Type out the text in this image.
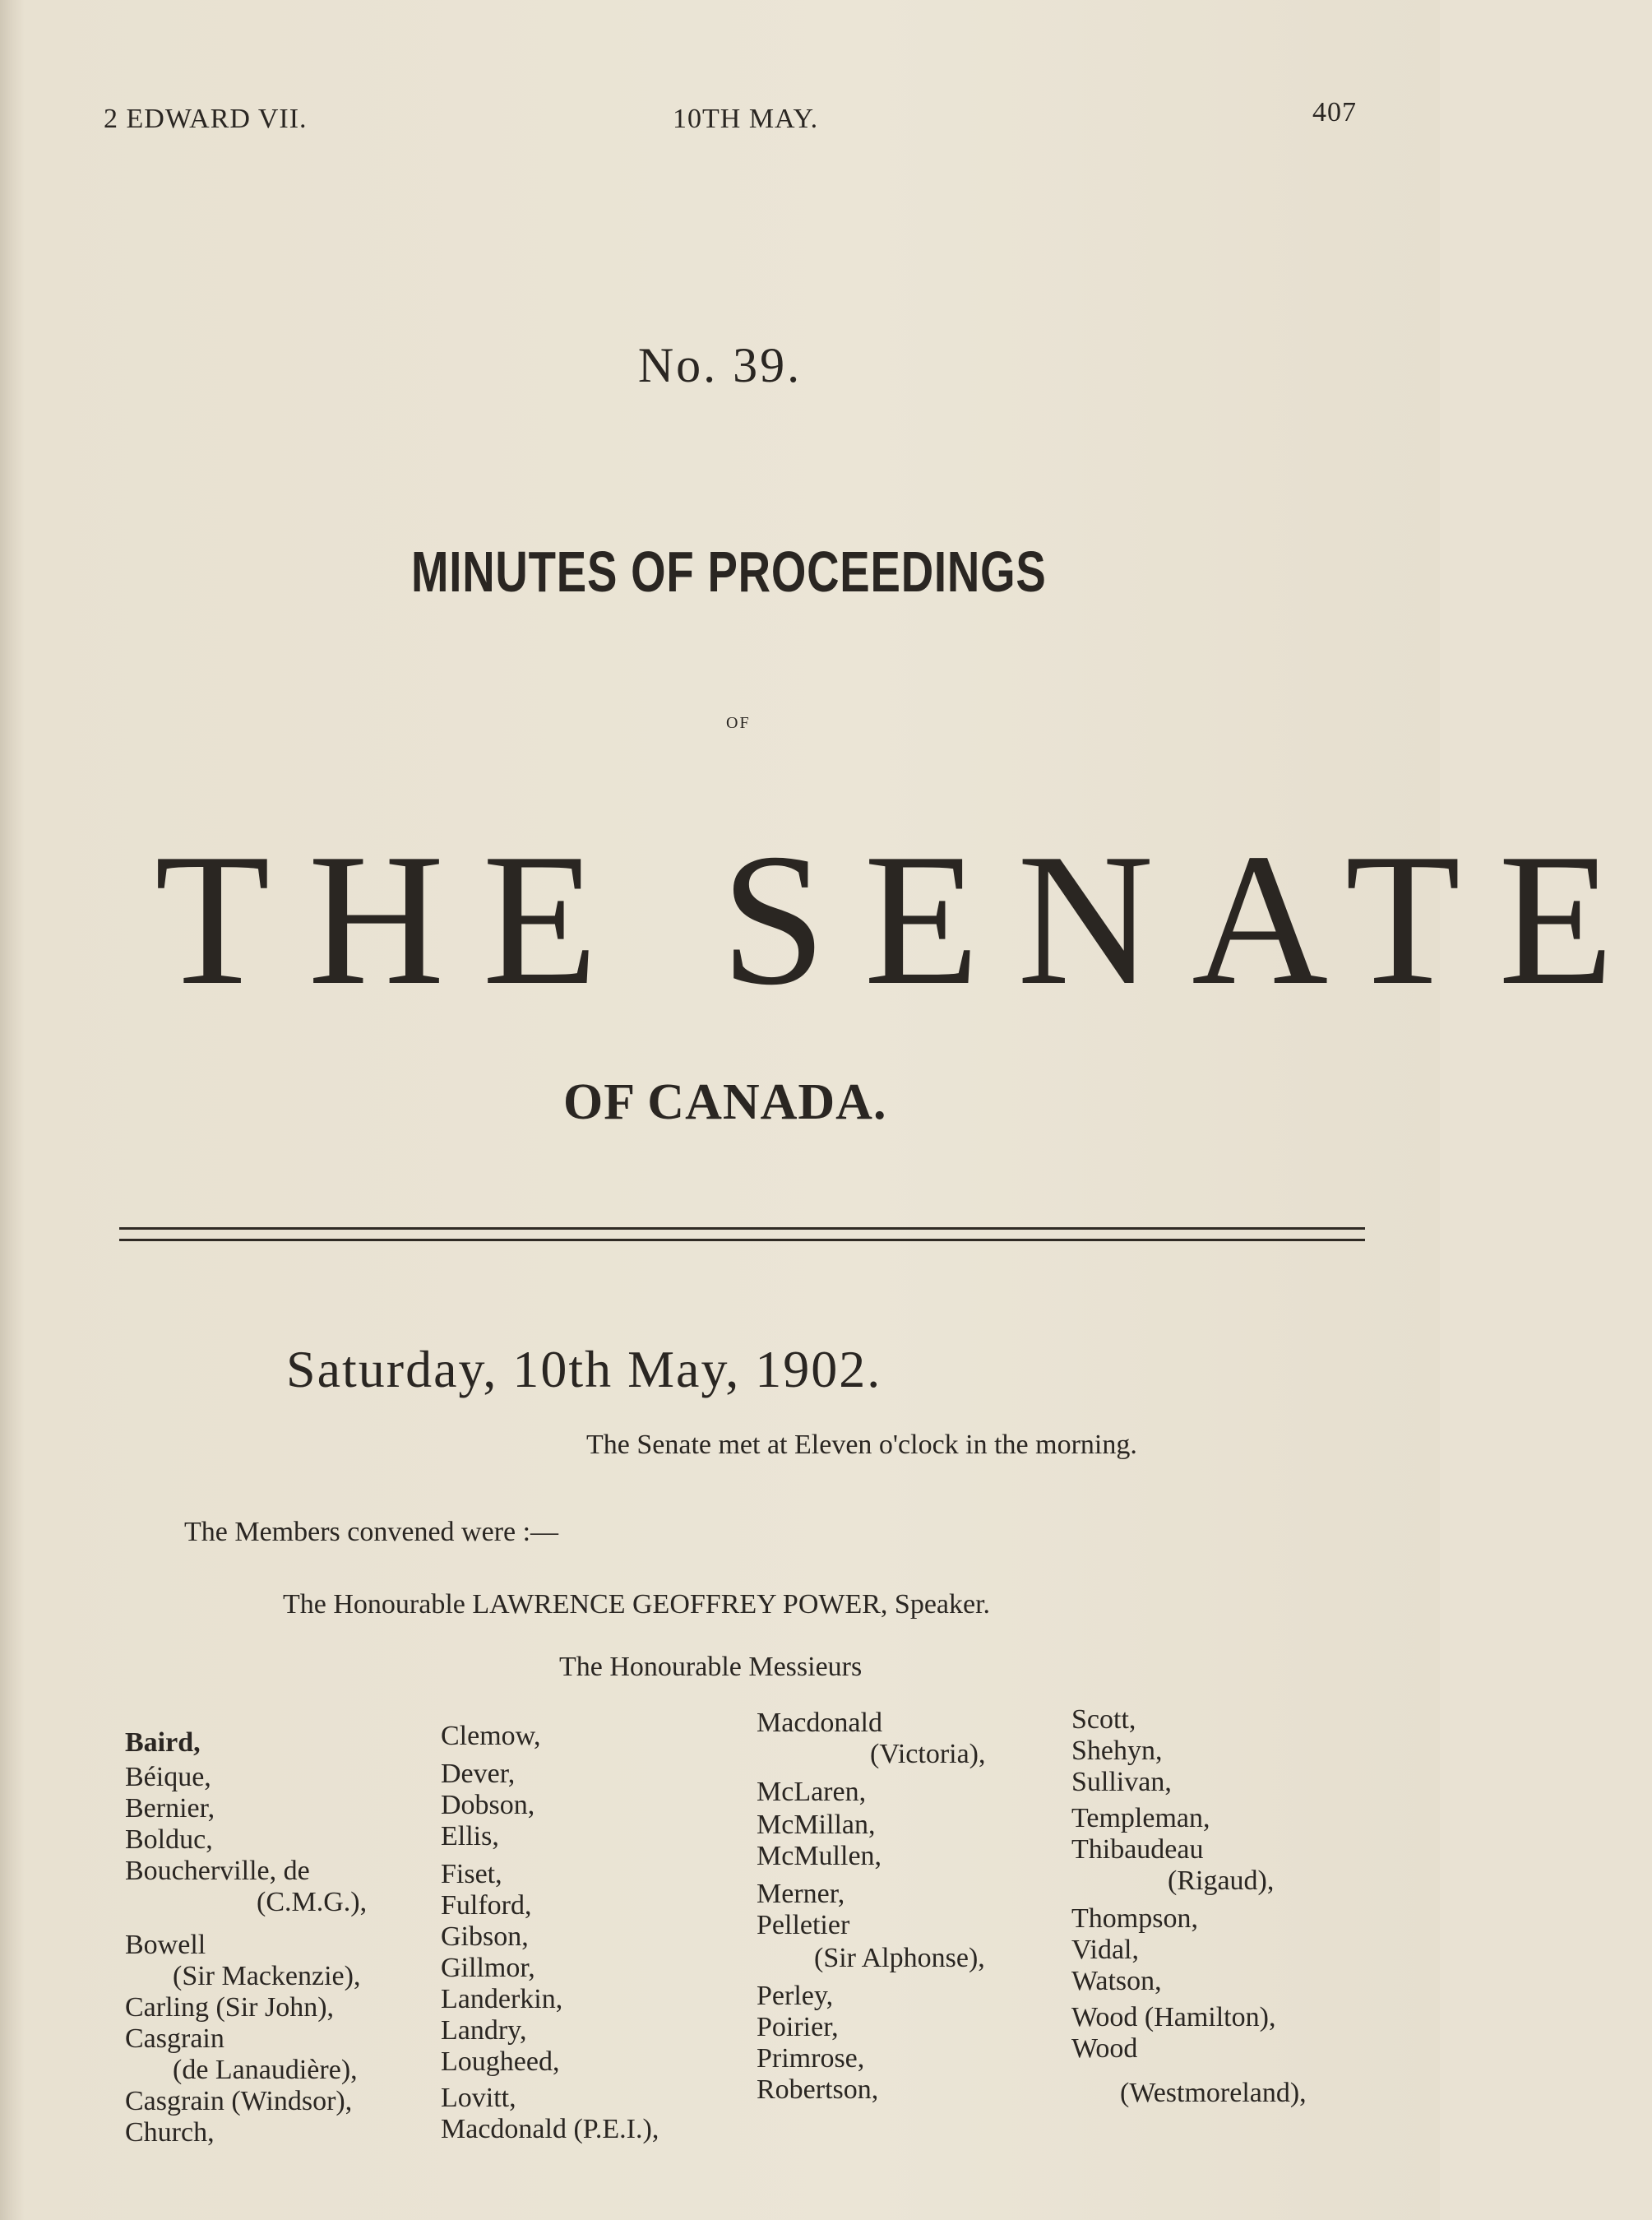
2 EDWARD VII.	10TH MAY.	407
No. 39.
MINUTES OF PROCEEDINGS
OF
THE SENATE
OF CANADA.
Saturday, 10th May, 1902.
The Senate met at Eleven o'clock in the morning.
The Members convened were :—
The Honourable LAWRENCE GEOFFREY POWER, Speaker.
The Honourable Messieurs
Baird,
Béique,
Bernier,
Bolduc,
Boucherville, de
(C.M.G.),
Bowell
(Sir Mackenzie),
Carling (Sir John),
Casgrain
(de Lanaudière),
Casgrain (Windsor),
Church,
Clemow,
Dever,
Dobson,
Ellis,
Fiset,
Fulford,
Gibson,
Gillmor,
Landerkin,
Landry,
Lougheed,
Lovitt,
Macdonald (P.E.I.),
Macdonald
(Victoria),
McLaren,
McMillan,
McMullen,
Merner,
Pelletier
(Sir Alphonse),
Perley,
Poirier,
Primrose,
Robertson,
Scott,
Shehyn,
Sullivan,
Templeman,
Thibaudeau
(Rigaud),
Thompson,
Vidal,
Watson,
Wood (Hamilton),
Wood
(Westmoreland),
